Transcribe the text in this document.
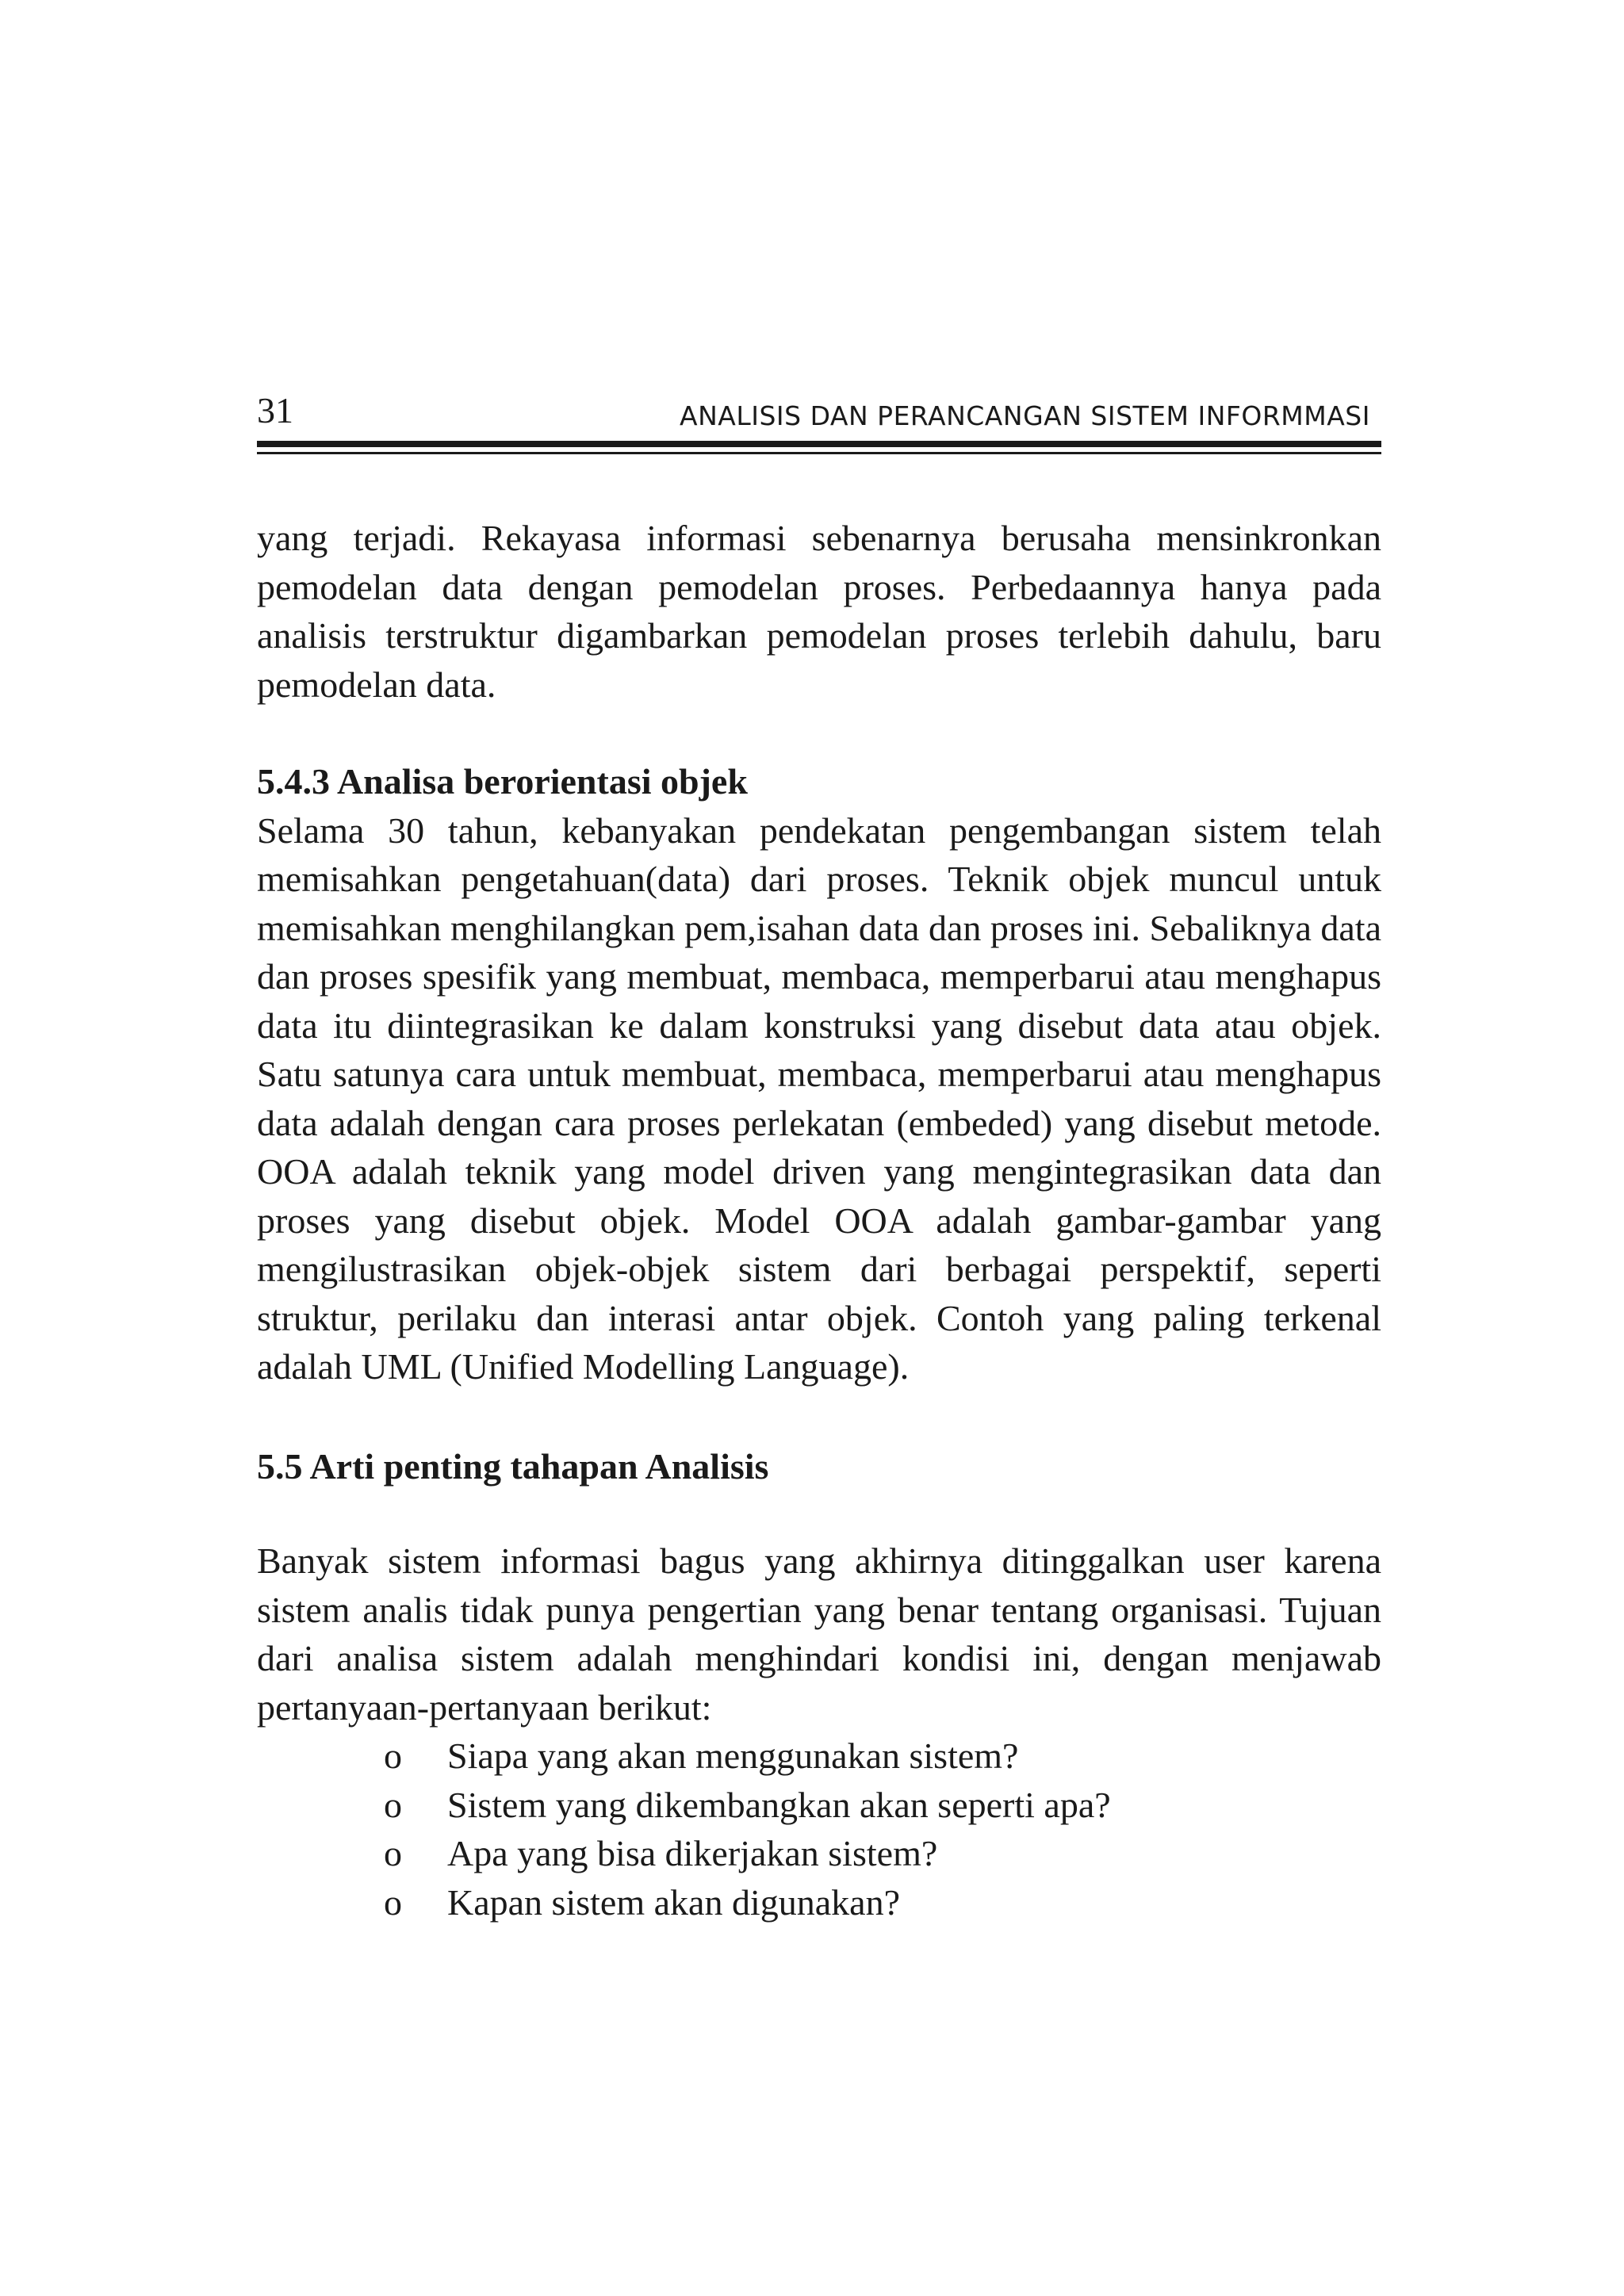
31	ANALISIS DAN PERANCANGAN SISTEM INFORMMASI

yang terjadi. Rekayasa informasi sebenarnya berusaha mensinkronkan pemodelan data dengan pemodelan proses. Perbedaannya hanya pada analisis terstruktur digambarkan pemodelan proses terlebih dahulu, baru pemodelan data.

5.4.3 Analisa berorientasi objek

Selama 30 tahun, kebanyakan pendekatan pengembangan sistem telah memisahkan pengetahuan(data) dari proses. Teknik objek muncul untuk memisahkan menghilangkan pem,isahan data dan proses ini. Sebaliknya data dan proses spesifik yang membuat, membaca, memperbarui atau menghapus data itu diintegrasikan ke dalam konstruksi yang disebut data atau objek. Satu satunya cara untuk membuat, membaca, memperbarui atau menghapus data adalah dengan cara proses perlekatan (embeded) yang disebut metode. OOA adalah teknik yang model driven yang mengintegrasikan data dan proses yang disebut objek. Model OOA adalah gambar-gambar yang mengilustrasikan objek-objek sistem dari berbagai perspektif, seperti struktur, perilaku dan interasi antar objek. Contoh yang paling terkenal adalah UML (Unified Modelling Language).

5.5 Arti penting tahapan Analisis

Banyak sistem informasi bagus yang akhirnya ditinggalkan user karena sistem analis tidak punya pengertian yang benar tentang organisasi. Tujuan dari analisa sistem adalah menghindari kondisi ini, dengan menjawab pertanyaan-pertanyaan berikut:

o Siapa yang akan menggunakan sistem?
o Sistem yang dikembangkan akan seperti apa?
o Apa yang bisa dikerjakan sistem?
o Kapan sistem akan digunakan?
